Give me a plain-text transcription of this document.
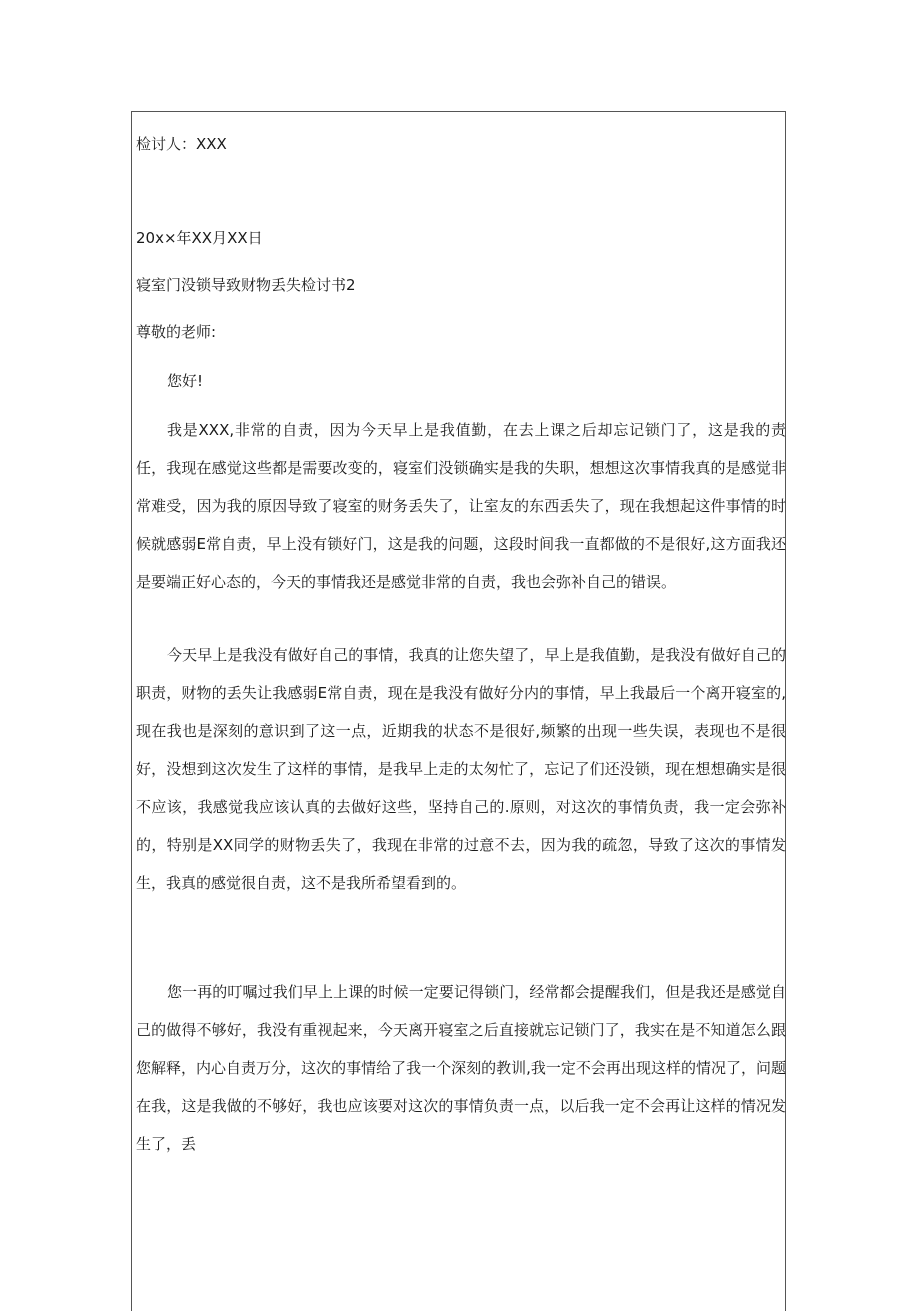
检讨人：XXX
20x×年XX月XX日
寝室门没锁导致财物丢失检讨书2
尊敬的老师:
您好!
我是XXX,非常的自责，因为今天早上是我值勤，在去上课之后却忘记锁门了，这是我的责任，我现在感觉这些都是需要改变的，寝室们没锁确实是我的失职，想想这次事情我真的是感觉非常难受，因为我的原因导致了寝室的财务丢失了，让室友的东西丢失了，现在我想起这件事情的时候就感弱E常自责，早上没有锁好门，这是我的问题，这段时间我一直都做的不是很好,这方面我还是要端正好心态的，今天的事情我还是感觉非常的自责，我也会弥补自己的错误。
今天早上是我没有做好自己的事情，我真的让您失望了，早上是我值勤，是我没有做好自己的职责，财物的丢失让我感弱E常自责，现在是我没有做好分内的事情，早上我最后一个离开寝室的,现在我也是深刻的意识到了这一点，近期我的状态不是很好,频繁的出现一些失误，表现也不是很好，没想到这次发生了这样的事情，是我早上走的太匆忙了，忘记了们还没锁，现在想想确实是很不应该，我感觉我应该认真的去做好这些，坚持自己的.原则，对这次的事情负责，我一定会弥补的，特别是XX同学的财物丢失了，我现在非常的过意不去，因为我的疏忽，导致了这次的事情发生，我真的感觉很自责，这不是我所希望看到的。
您一再的叮嘱过我们早上上课的时候一定要记得锁门，经常都会提醒我们，但是我还是感觉自己的做得不够好，我没有重视起来，今天离开寝室之后直接就忘记锁门了，我实在是不知道怎么跟您解释，内心自责万分，这次的事情给了我一个深刻的教训,我一定不会再出现这样的情况了，问题在我，这是我做的不够好，我也应该要对这次的事情负责一点，以后我一定不会再让这样的情况发生了，丢
